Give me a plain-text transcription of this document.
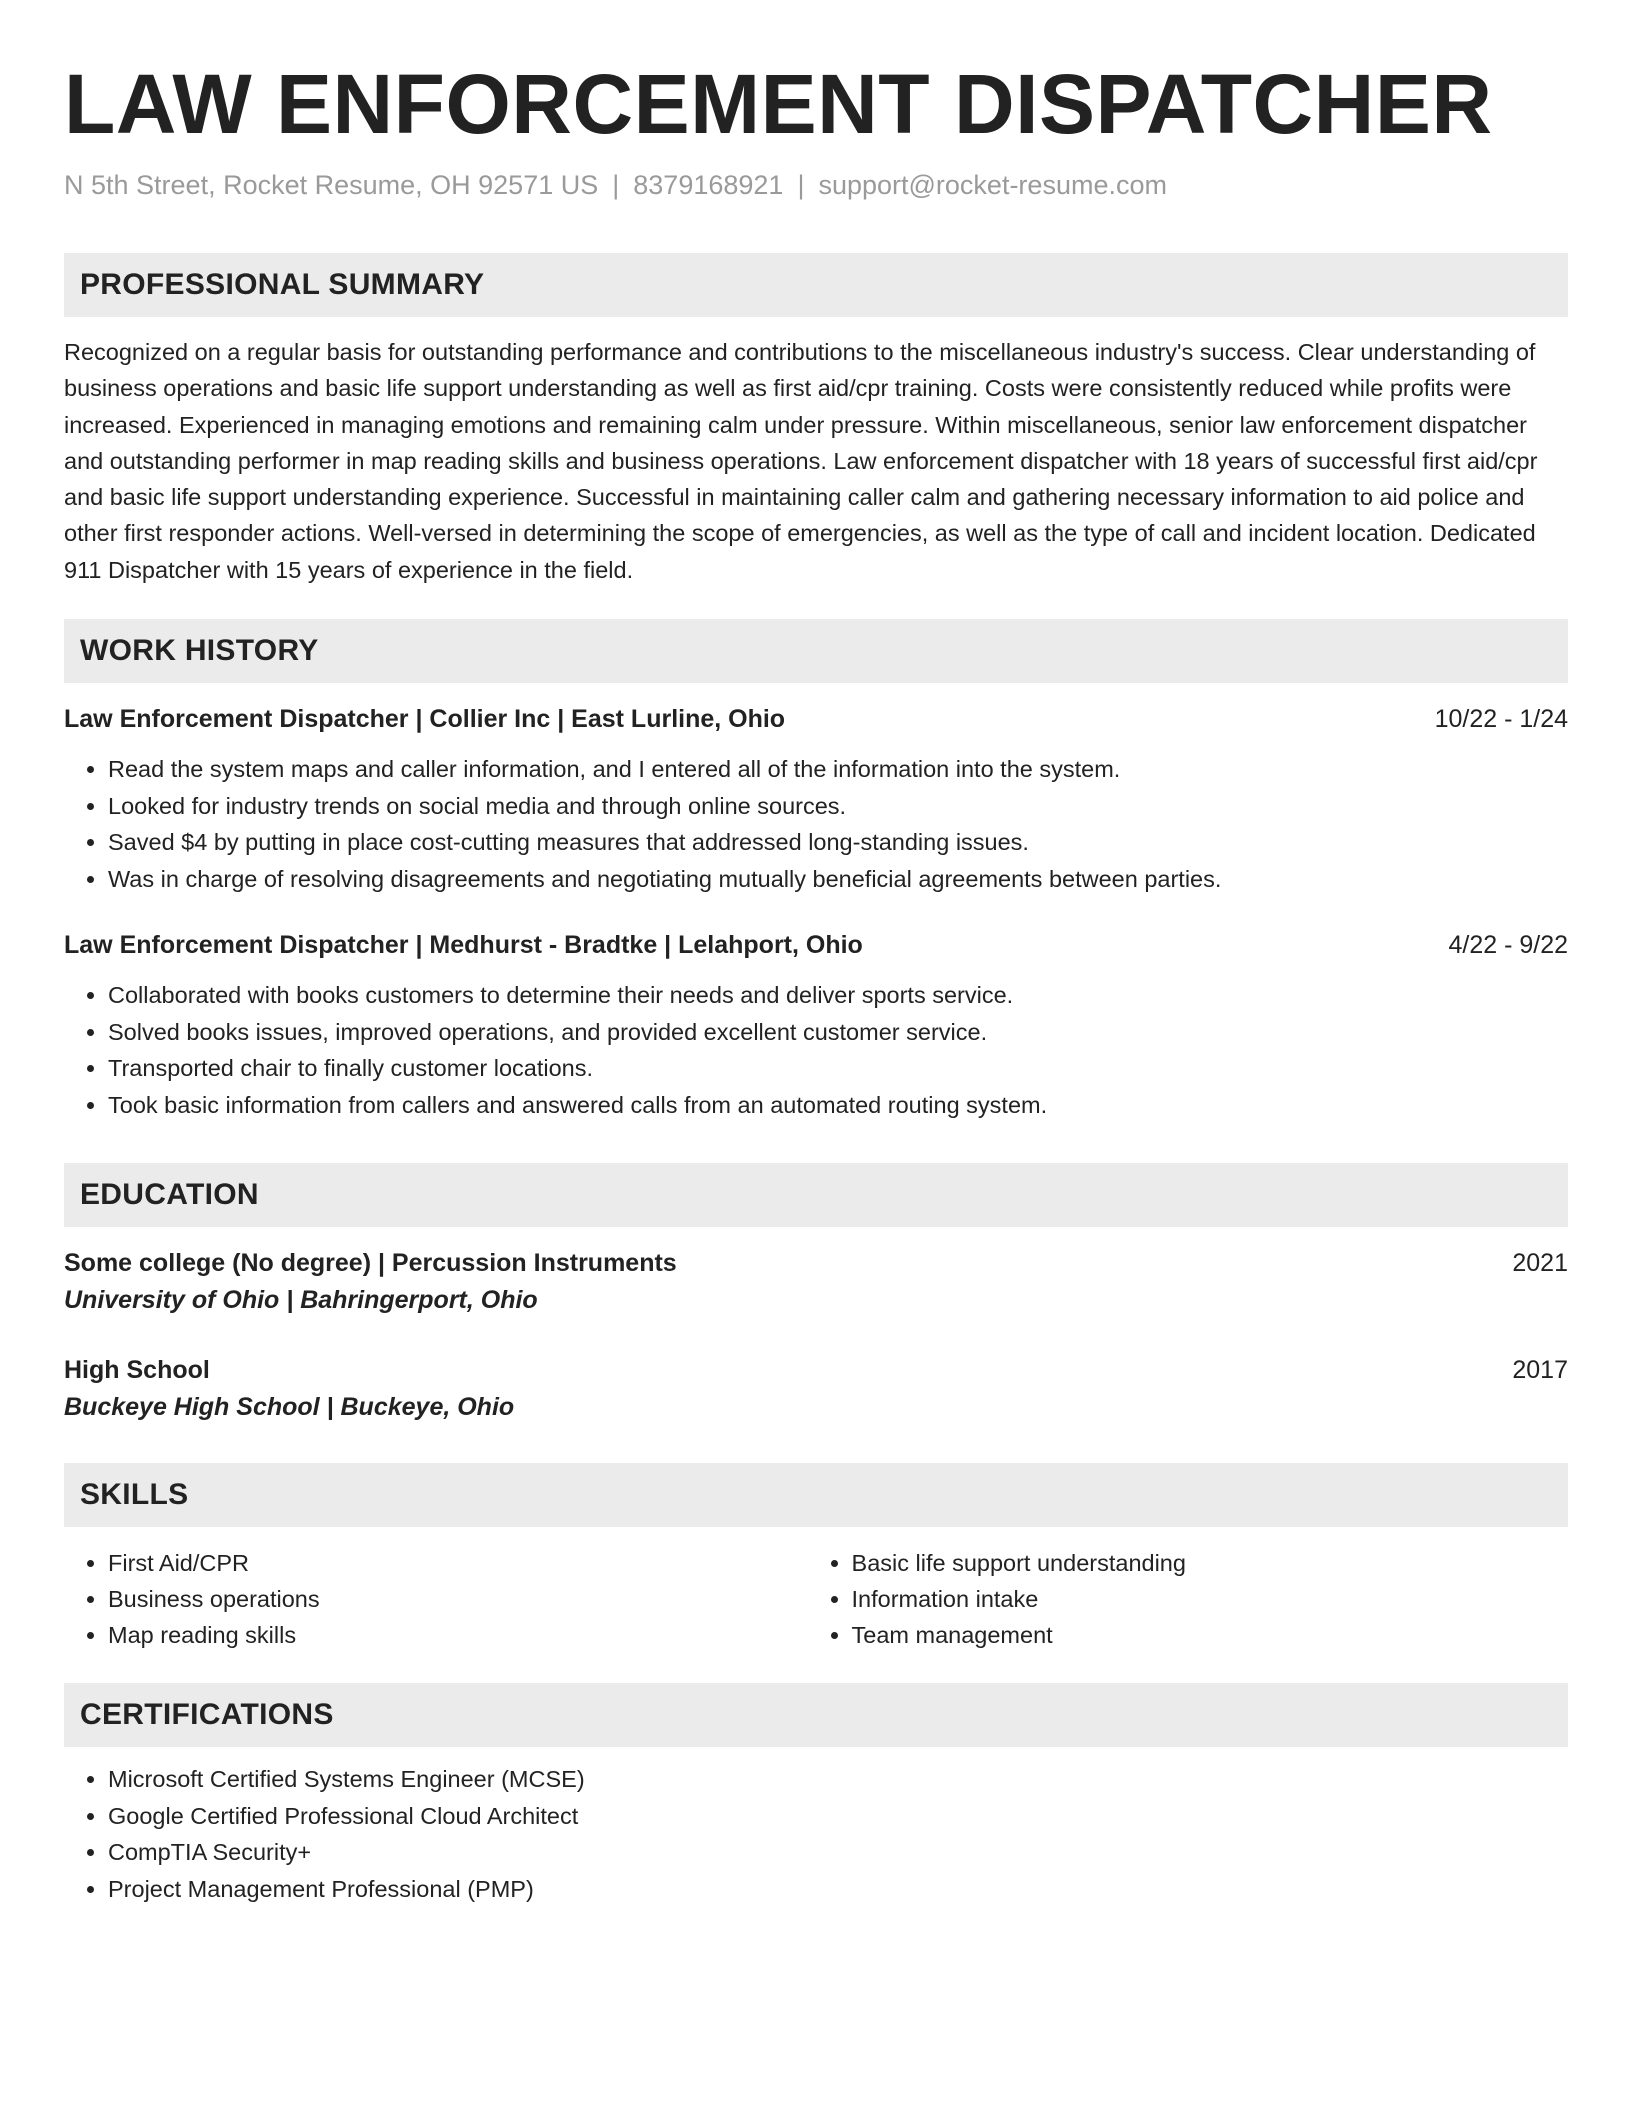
LAW ENFORCEMENT DISPATCHER
N 5th Street, Rocket Resume, OH 92571 US | 8379168921 | support@rocket-resume.com
PROFESSIONAL SUMMARY

Recognized on a regular basis for outstanding performance and contributions to the miscellaneous industry's success. Clear understanding of business operations and basic life support understanding as well as first aid/cpr training. Costs were consistently reduced while profits were increased. Experienced in managing emotions and remaining calm under pressure. Within miscellaneous, senior law enforcement dispatcher and outstanding performer in map reading skills and business operations. Law enforcement dispatcher with 18 years of successful first aid/cpr and basic life support understanding experience. Successful in maintaining caller calm and gathering necessary information to aid police and other first responder actions. Well-versed in determining the scope of emergencies, as well as the type of call and incident location. Dedicated 911 Dispatcher with 15 years of experience in the field.

WORK HISTORY
Law Enforcement Dispatcher | Collier Inc | East Lurline, Ohio	10/22 - 1/24
• Read the system maps and caller information, and I entered all of the information into the system.
• Looked for industry trends on social media and through online sources.
• Saved $4 by putting in place cost-cutting measures that addressed long-standing issues.
• Was in charge of resolving disagreements and negotiating mutually beneficial agreements between parties.
Law Enforcement Dispatcher | Medhurst - Bradtke | Lelahport, Ohio	4/22 - 9/22
• Collaborated with books customers to determine their needs and deliver sports service.
• Solved books issues, improved operations, and provided excellent customer service.
• Transported chair to finally customer locations.
• Took basic information from callers and answered calls from an automated routing system.
EDUCATION
Some college (No degree) | Percussion Instruments	2021
University of Ohio | Bahringerport, Ohio
High School	2017
Buckeye High School | Buckeye, Ohio
SKILLS
• First Aid/CPR
• Business operations
• Map reading skills
• Basic life support understanding
• Information intake
• Team management
CERTIFICATIONS
• Microsoft Certified Systems Engineer (MCSE)
• Google Certified Professional Cloud Architect
• CompTIA Security+
• Project Management Professional (PMP)
